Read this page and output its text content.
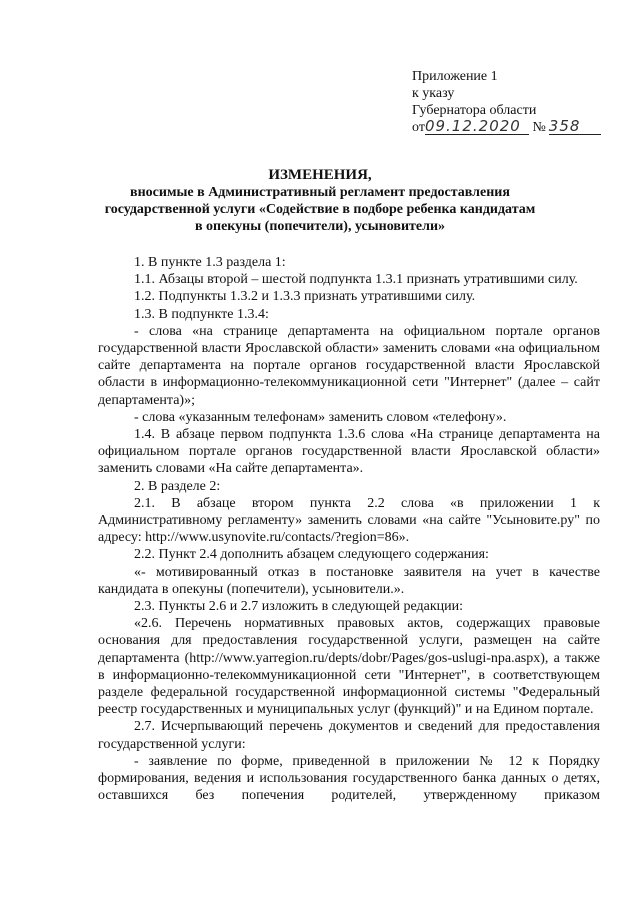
Приложение 1
к указу
Губернатора области
от09.12.2020 № 358
ИЗМЕНЕНИЯ,
вносимые в Административный регламент предоставления
государственной услуги «Содействие в подборе ребенка кандидатам
в опекуны (попечители), усыновители»

1. В пункте 1.3 раздела 1:

1.1. Абзацы второй – шестой подпункта 1.3.1 признать утратившими силу.

1.2. Подпункты 1.3.2 и 1.3.3 признать утратившими силу.

1.3. В подпункте 1.3.4:

- слова «на странице департамента на официальном портале органов государственной власти Ярославской области» заменить словами «на официальном сайте департамента на портале органов государственной власти Ярославской области в информационно-телекоммуникационной сети "Интернет" (далее – сайт департамента)»;

- слова «указанным телефонам» заменить словом «телефону».

1.4. В абзаце первом подпункта 1.3.6 слова «На странице департамента на официальном портале органов государственной власти Ярославской области» заменить словами «На сайте департамента».

2. В разделе 2:

2.1. В абзаце втором пункта 2.2 слова «в приложении 1 к Административному регламенту» заменить словами «на сайте "Усыновите.ру" по адресу: http://www.usynovite.ru/contacts/?region=86».

2.2. Пункт 2.4 дополнить абзацем следующего содержания:

«- мотивированный отказ в постановке заявителя на учет в качестве кандидата в опекуны (попечители), усыновители.».

2.3. Пункты 2.6 и 2.7 изложить в следующей редакции:

«2.6. Перечень нормативных правовых актов, содержащих правовые основания для предоставления государственной услуги, размещен на сайте департамента (http://www.yarregion.ru/depts/dobr/Pages/gos-uslugi-npa.aspx), а также в информационно-телекоммуникационной сети "Интернет", в соответствующем разделе федеральной государственной информационной системы "Федеральный реестр государственных и муниципальных услуг (функций)" и на Едином портале.

2.7. Исчерпывающий перечень документов и сведений для предоставления государственной услуги:

- заявление по форме, приведенной в приложении № 12 к Порядку формирования, ведения и использования государственного банка данных о детях, оставшихся без попечения родителей, утвержденному приказом
